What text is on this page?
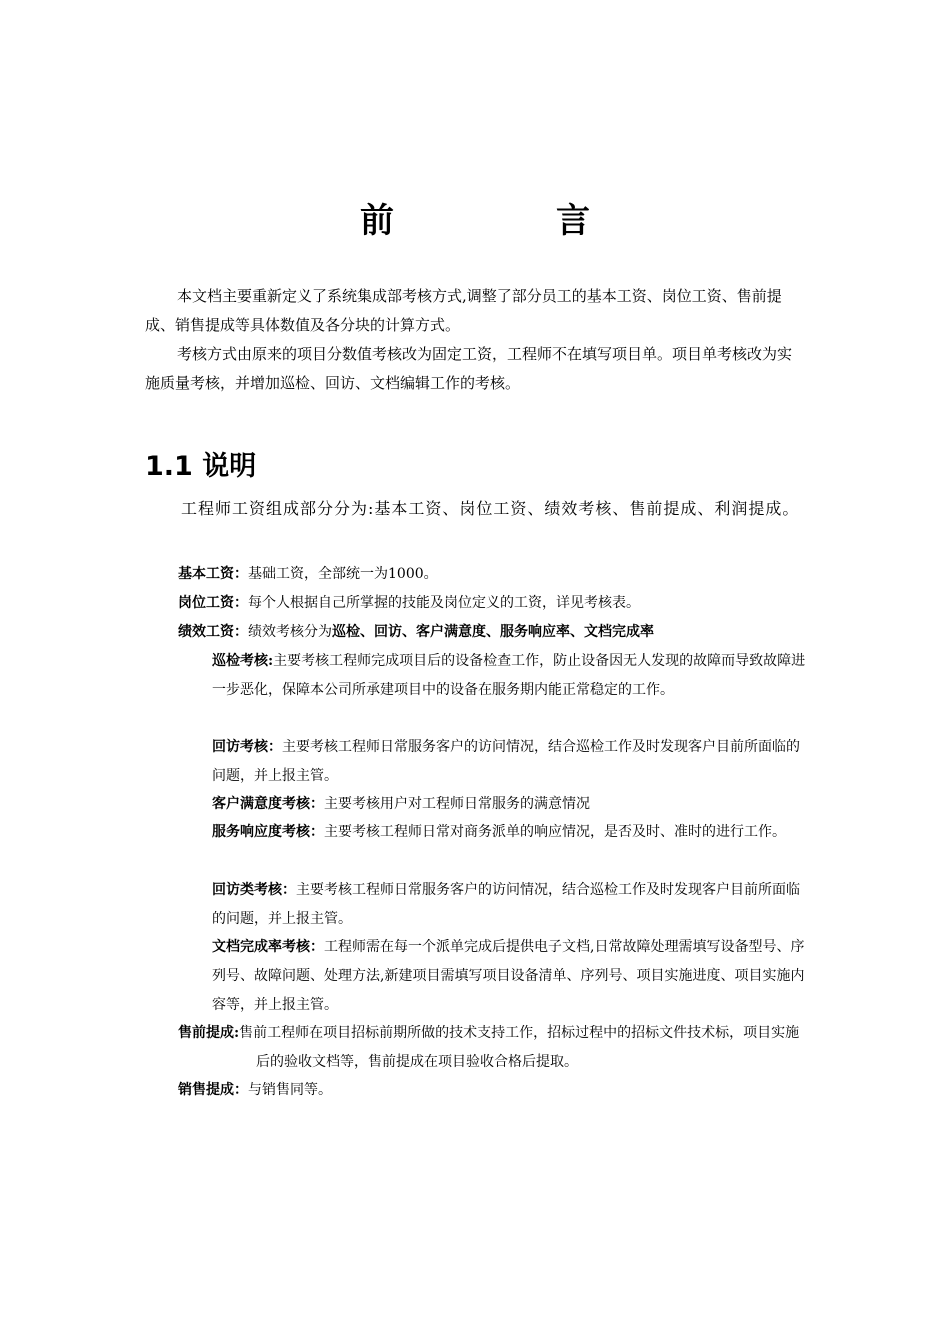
前　言

本文档主要重新定义了系统集成部考核方式,调整了部分员工的基本工资、岗位工资、售前提成、销售提成等具体数值及各分块的计算方式。

考核方式由原来的项目分数值考核改为固定工资，工程师不在填写项目单。项目单考核改为实施质量考核，并增加巡检、回访、文档编辑工作的考核。

1.1 说明

工程师工资组成部分分为:基本工资、岗位工资、绩效考核、售前提成、利润提成。

基本工资：基础工资，全部统一为1000。

岗位工资：每个人根据自己所掌握的技能及岗位定义的工资，详见考核表。

绩效工资：绩效考核分为巡检、回访、客户满意度、服务响应率、文档完成率

巡检考核:主要考核工程师完成项目后的设备检查工作，防止设备因无人发现的故障而导致故障进一步恶化，保障本公司所承建项目中的设备在服务期内能正常稳定的工作。

回访考核：主要考核工程师日常服务客户的访问情况，结合巡检工作及时发现客户目前所面临的问题，并上报主管。

客户满意度考核：主要考核用户对工程师日常服务的满意情况

服务响应度考核：主要考核工程师日常对商务派单的响应情况，是否及时、准时的进行工作。

回访类考核：主要考核工程师日常服务客户的访问情况，结合巡检工作及时发现客户目前所面临的问题，并上报主管。

文档完成率考核：工程师需在每一个派单完成后提供电子文档,日常故障处理需填写设备型号、序列号、故障问题、处理方法,新建项目需填写项目设备清单、序列号、项目实施进度、项目实施内容等，并上报主管。

售前提成:售前工程师在项目招标前期所做的技术支持工作，招标过程中的招标文件技术标，项目实施后的验收文档等，售前提成在项目验收合格后提取。

销售提成：与销售同等。
